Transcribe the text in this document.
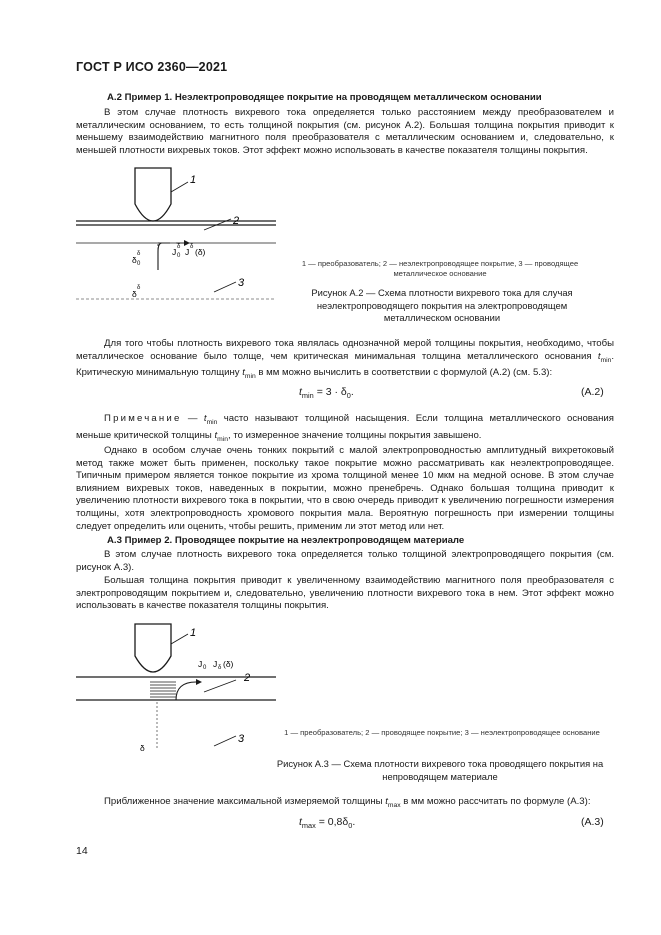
ГОСТ Р ИСО 2360—2021
А.2 Пример 1. Неэлектропроводящее покрытие на проводящем металлическом основании
В этом случае плотность вихревого тока определяется только расстоянием между преобразователем и металлическим основанием, то есть толщиной покрытия (см. рисунок А.2). Большая толщина покрытия приводит к меньшему взаимодействию магнитного поля преобразователя с металлическим основанием и, следовательно, к меньшей плотности вихревых токов. Этот эффект можно использовать в качестве показателя толщины покрытия.
1
2
3
δ 0
δ	J 0
δ J δ (δ)
δ
δ
1 — преобразователь; 2 — неэлектропроводящее покрытие, 3 — проводящее металлическое основание
Рисунок А.2 — Схема плотности вихревого тока для случая неэлектропроводящего покрытия на электропроводящем металлическом основании
Для того чтобы плотность вихревого тока являлась однозначной мерой толщины покрытия, необходимо, чтобы металлическое основание было толще, чем критическая минимальная толщина металлического основания $t_{min}$. Критическую минимальную толщину $t_{min}$ в мм можно вычислить в соответствии с формулой (А.2) (см. 5.3):
$t_{min} = 3 \cdot \delta_0$.	(А.2)
Примечание — $t_{min}$ часто называют толщиной насыщения. Если толщина металлического основания меньше критической толщины $t_{min}$, то измеренное значение толщины покрытия завышено.
Однако в особом случае очень тонких покрытий с малой электропроводностью амплитудный вихретоковый метод также может быть применен, поскольку такое покрытие можно рассматривать как неэлектропроводящее. Типичным примером является тонкое покрытие из хрома толщиной менее 10 мкм на медной основе. В этом случае влиянием вихревых токов, наведенных в покрытии, можно пренебречь. Однако большая толщина приводит к увеличению плотности вихревого тока в покрытии, что в свою очередь приводит к увеличению погрешности измерения толщины, хотя электропроводность хромового покрытия мала. Вероятную погрешность при измерении толщины следует определить или оценить, чтобы решить, применим ли этот метод или нет.
А.3 Пример 2. Проводящее покрытие на нeэлектропроводящем материале
В этом случае плотность вихревого тока определяется только толщиной электропроводящего покрытия (см. рисунок А.3).
Большая толщина покрытия приводит к увеличенному взаимодействию магнитного поля преобразователя с электропроводящим покрытием и, следовательно, увеличению плотности вихревого тока в нем. Этот эффект можно использовать в качестве показателя толщины покрытия.
1
2
3
J 0 J δ (δ)
δ
1 — преобразователь; 2 — проводящее покрытие; 3 — неэлектропроводящее основание
Рисунок А.3 — Схема плотности вихревого тока проводящего покрытия на непроводящем материале
Приближенное значение максимальной измеряемой толщины $t_{max}$ в мм можно рассчитать по формуле (А.3):
$t_{max} = 0,8\delta_0$.	(А.3)
14
